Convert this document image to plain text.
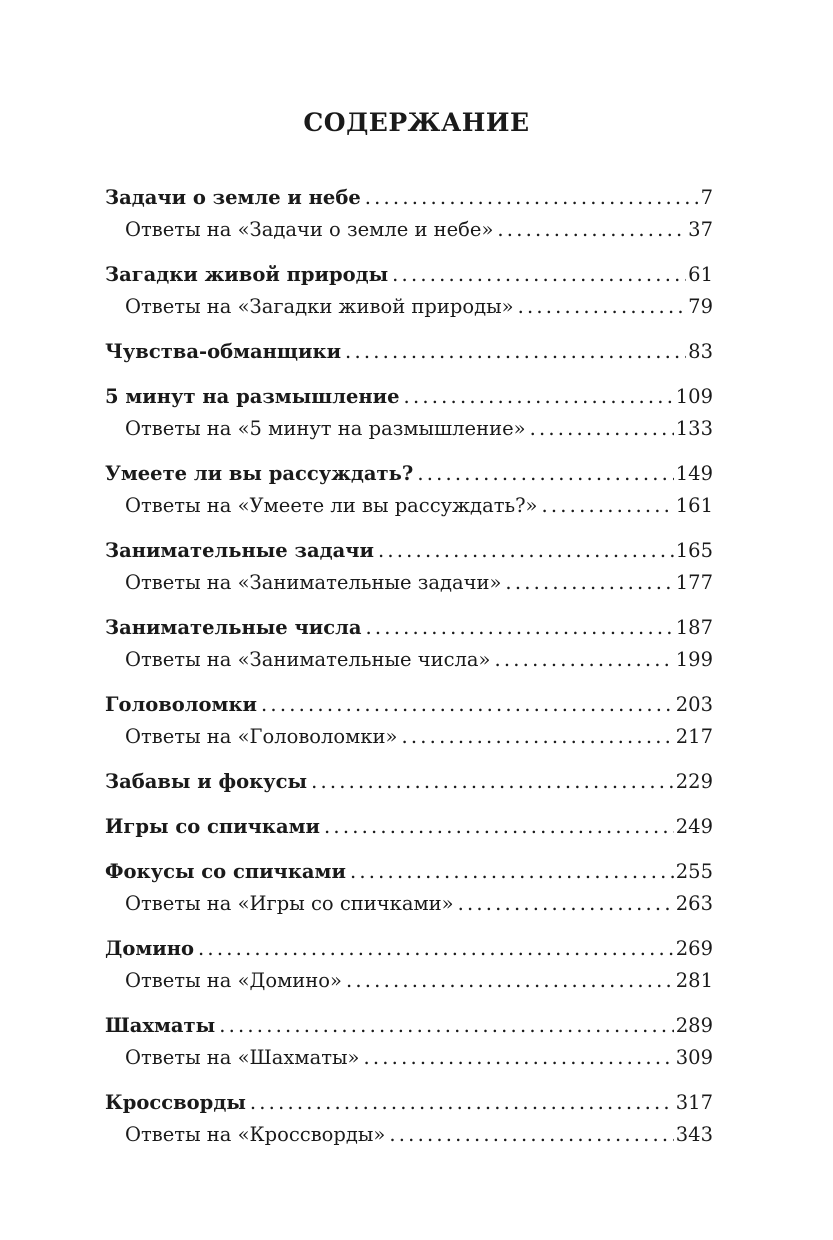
СОДЕРЖАНИЕ
Задачи о земле и небе .....	7
Ответы на «Задачи о земле и небе» .....	37
Загадки живой природы .....	61
Ответы на «Загадки живой природы» .....	79
Чувства-обманщики .....	83
5 минут на размышление .....	109
Ответы на «5 минут на размышление» .....	133
Умеете ли вы рассуждать? .....	149
Ответы на «Умеете ли вы рассуждать?» .....	161
Занимательные задачи .....	165
Ответы на «Занимательные задачи» .....	177
Занимательные числа .....	187
Ответы на «Занимательные числа» .....	199
Головоломки .....	203
Ответы на «Головоломки» .....	217
Забавы и фокусы .....	229
Игры со спичками .....	249
Фокусы со спичками .....	255
Ответы на «Игры со спичками» .....	263
Домино .....	269
Ответы на «Домино» .....	281
Шахматы .....	289
Ответы на «Шахматы» .....	309
Кроссворды .....	317
Ответы на «Кроссворды» .....	343
